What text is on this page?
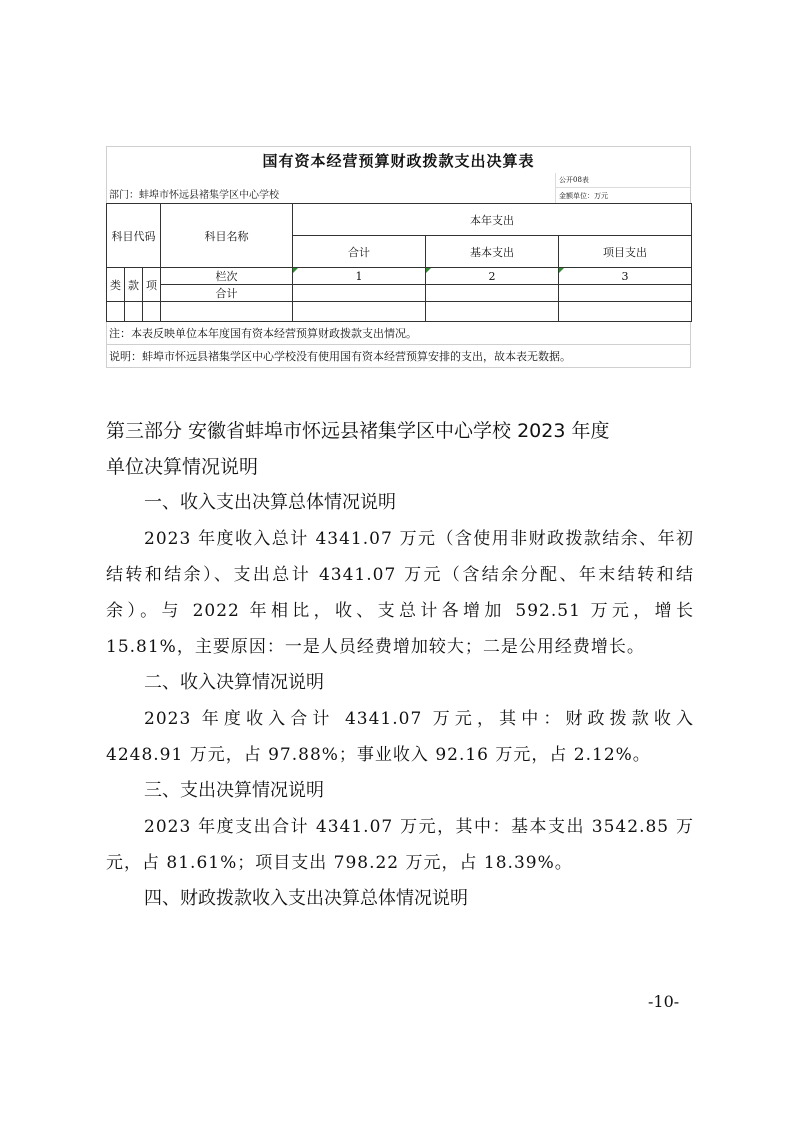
国有资本经营预算财政拨款支出决算表
部门：蚌埠市怀远县褚集学区中心学校
公开08表
金额单位：万元
科目代码			科目名称	本年支出		
				合计	基本支出	项目支出
类	款	项	栏次	1	2	3
			合计			

注：本表反映单位本年度国有资本经营预算财政拨款支出情况。
说明：蚌埠市怀远县褚集学区中心学校没有使用国有资本经营预算安排的支出，故本表无数据。
第三部分 安徽省蚌埠市怀远县褚集学区中心学校 2023 年度
单位决算情况说明

一、收入支出决算总体情况说明

2023 年度收入总计 4341.07 万元（含使用非财政拨款结余、年初结转和结余）、支出总计 4341.07 万元（含结余分配、年末结转和结余）。与 2022 年相比，收、支总计各增加 592.51 万元，增长 15.81%，主要原因：一是人员经费增加较大；二是公用经费增长。

二、收入决算情况说明

2023 年度收入合计 4341.07 万元，其中：财政拨款收入 4248.91 万元，占 97.88%；事业收入 92.16 万元，占 2.12%。

三、支出决算情况说明

2023 年度支出合计 4341.07 万元，其中：基本支出 3542.85 万元，占 81.61%；项目支出 798.22 万元，占 18.39%。

四、财政拨款收入支出决算总体情况说明

-10-
